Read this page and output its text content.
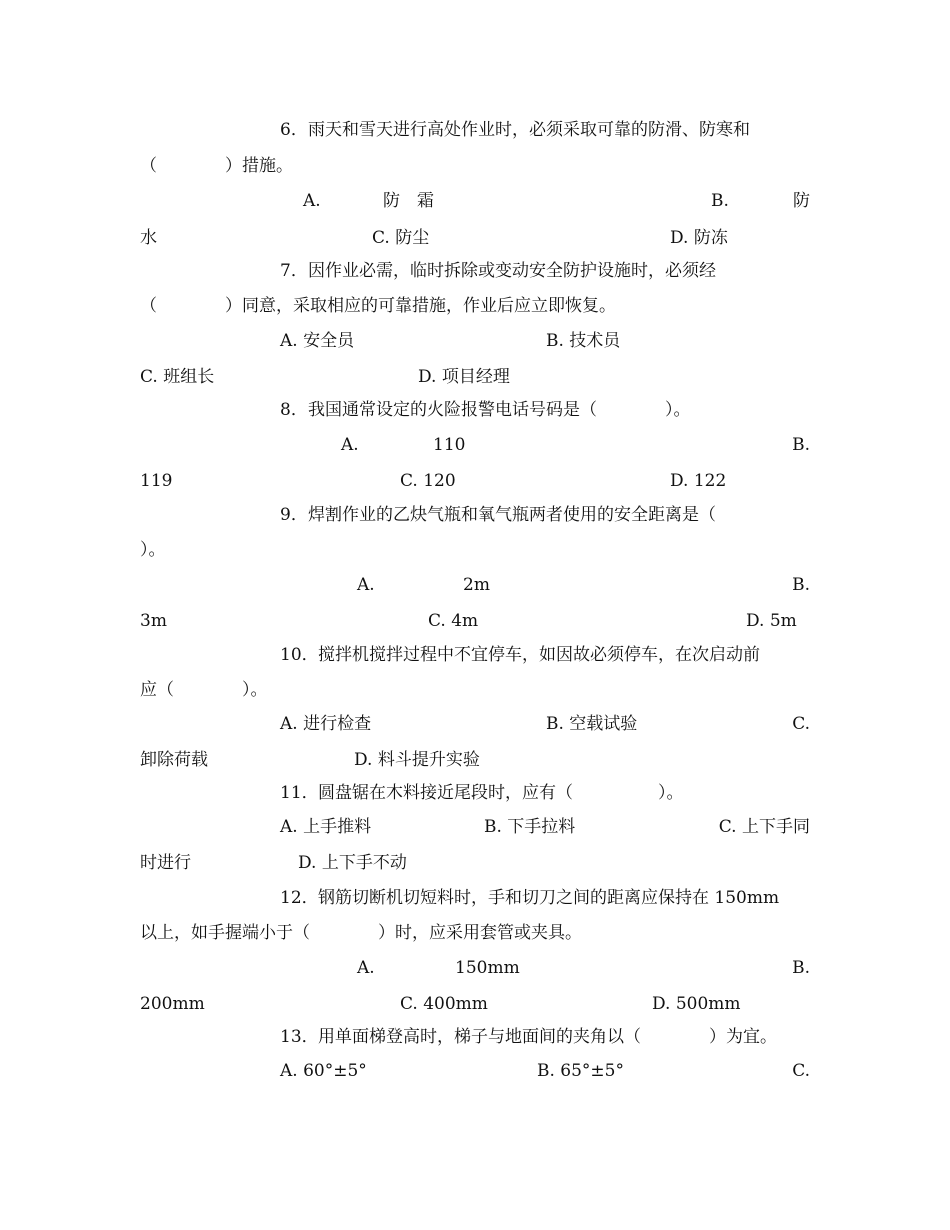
6． 雨天和雪天进行高处作业时，必须采取可靠的防滑、防寒和
（　　　　）措施。
A.	防　霜	B.	防
水	C. 防尘	D. 防冻
7． 因作业必需，临时拆除或变动安全防护设施时，必须经
（　　　　）同意，采取相应的可靠措施，作业后应立即恢复。
A. 安全员	B. 技术员
C. 班组长	D. 项目经理
8． 我国通常设定的火险报警电话号码是（　　　　）。
A.	110	B.
119	C. 120	D. 122
9． 焊割作业的乙炔气瓶和氧气瓶两者使用的安全距离是（
）。
A.	2m	B.
3m	C. 4m	D. 5m
10． 搅拌机搅拌过程中不宜停车，如因故必须停车，在次启动前
应（　　　　）。
A. 进行检查	B. 空载试验	C.
卸除荷载	D. 料斗提升实验
11． 圆盘锯在木料接近尾段时，应有（　　　　　）。
A. 上手推料	B. 下手拉料	C. 上下手同
时进行	D. 上下手不动
12． 钢筋切断机切短料时，手和切刀之间的距离应保持在 150mm
以上，如手握端小于（　　　　）时，应采用套管或夹具。
A.	150mm	B.
200mm	C. 400mm	D. 500mm
13． 用单面梯登高时，梯子与地面间的夹角以（　　　　）为宜。
A. 60°±5°	B. 65°±5°	C.
